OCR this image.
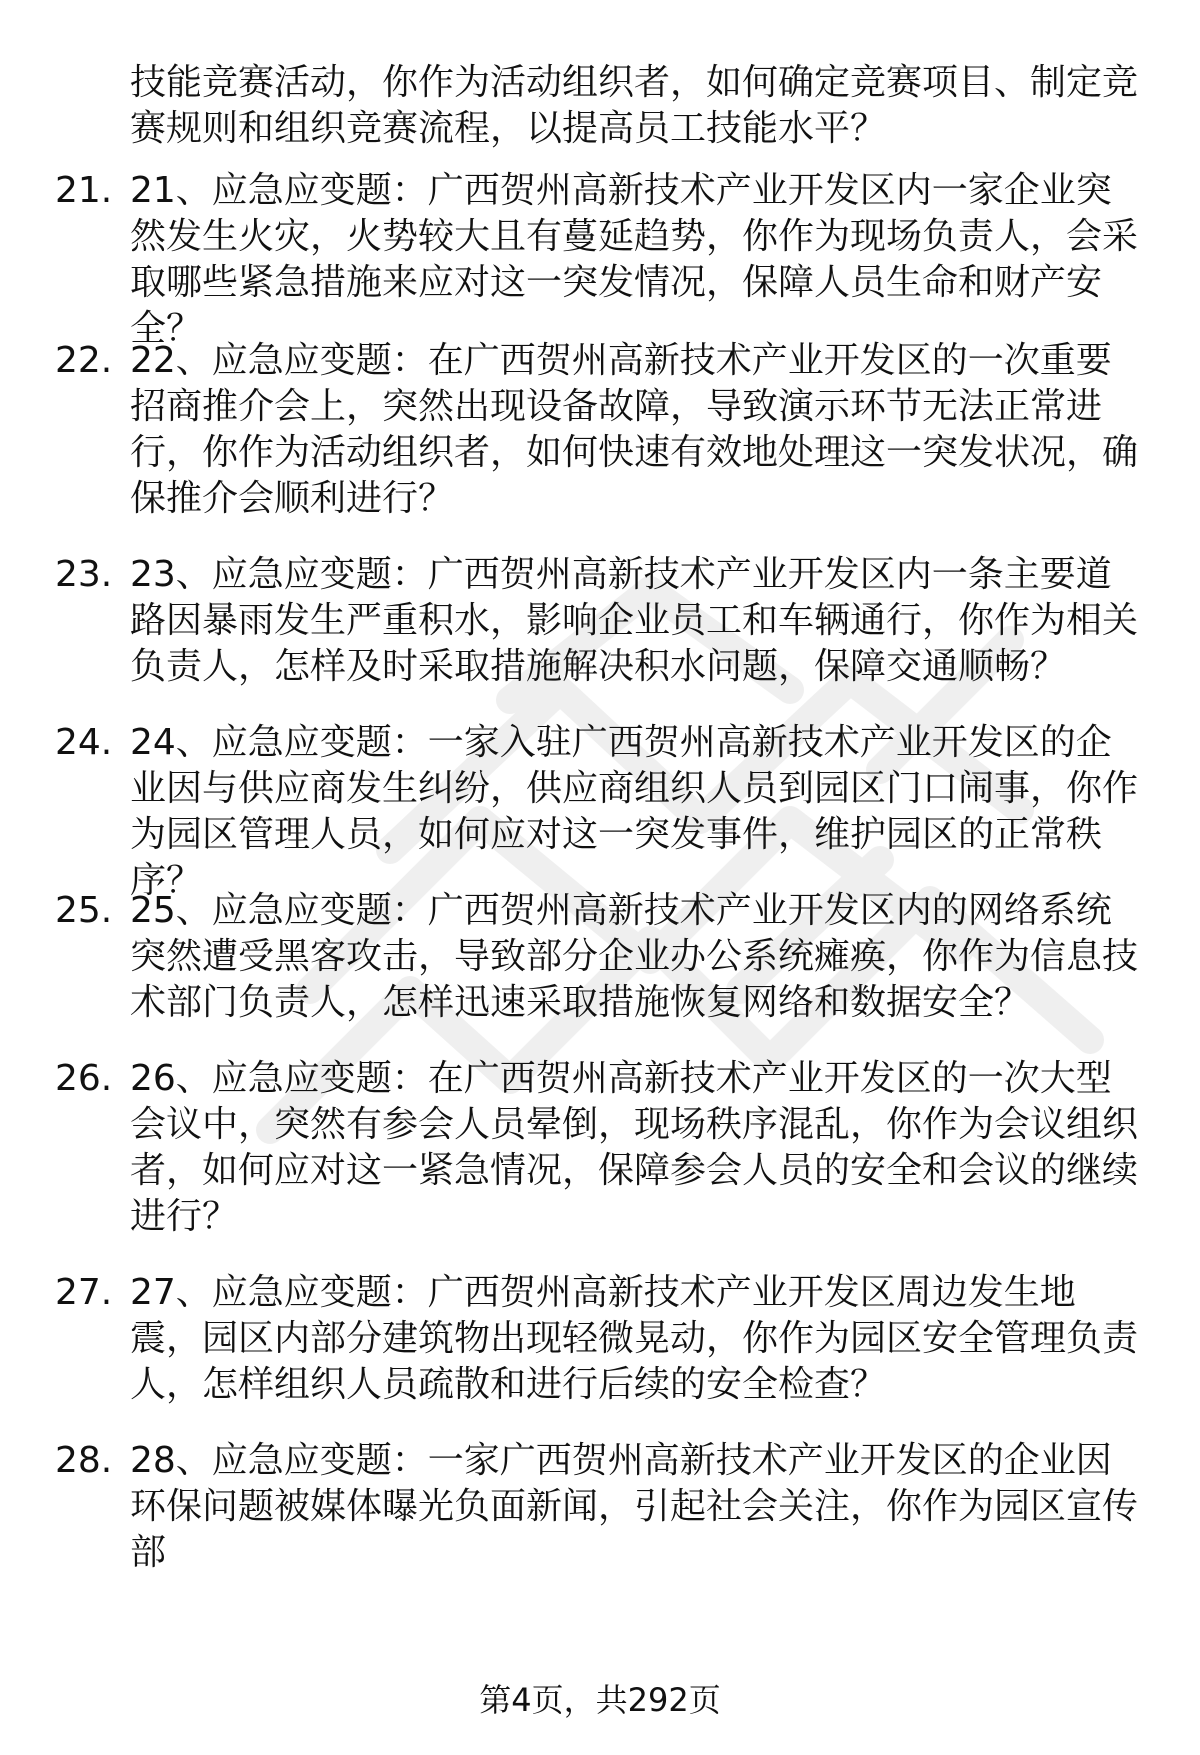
技能竞赛活动，你作为活动组织者，如何确定竞赛项目、制定竞赛规则和组织竞赛流程，以提高员工技能水平？
21. 21、应急应变题：广西贺州高新技术产业开发区内一家企业突然发生火灾，火势较大且有蔓延趋势，你作为现场负责人，会采取哪些紧急措施来应对这一突发情况，保障人员生命和财产安全？
22. 22、应急应变题：在广西贺州高新技术产业开发区的一次重要招商推介会上，突然出现设备故障，导致演示环节无法正常进行，你作为活动组织者，如何快速有效地处理这一突发状况，确保推介会顺利进行？
23. 23、应急应变题：广西贺州高新技术产业开发区内一条主要道路因暴雨发生严重积水，影响企业员工和车辆通行，你作为相关负责人，怎样及时采取措施解决积水问题，保障交通顺畅？
24. 24、应急应变题：一家入驻广西贺州高新技术产业开发区的企业因与供应商发生纠纷，供应商组织人员到园区门口闹事，你作为园区管理人员，如何应对这一突发事件，维护园区的正常秩序？
25. 25、应急应变题：广西贺州高新技术产业开发区内的网络系统突然遭受黑客攻击，导致部分企业办公系统瘫痪，你作为信息技术部门负责人，怎样迅速采取措施恢复网络和数据安全？
26. 26、应急应变题：在广西贺州高新技术产业开发区的一次大型会议中，突然有参会人员晕倒，现场秩序混乱，你作为会议组织者，如何应对这一紧急情况，保障参会人员的安全和会议的继续进行？
27. 27、应急应变题：广西贺州高新技术产业开发区周边发生地震，园区内部分建筑物出现轻微晃动，你作为园区安全管理负责人，怎样组织人员疏散和进行后续的安全检查？
28. 28、应急应变题：一家广西贺州高新技术产业开发区的企业因环保问题被媒体曝光负面新闻，引起社会关注，你作为园区宣传部
第4页，共292页
